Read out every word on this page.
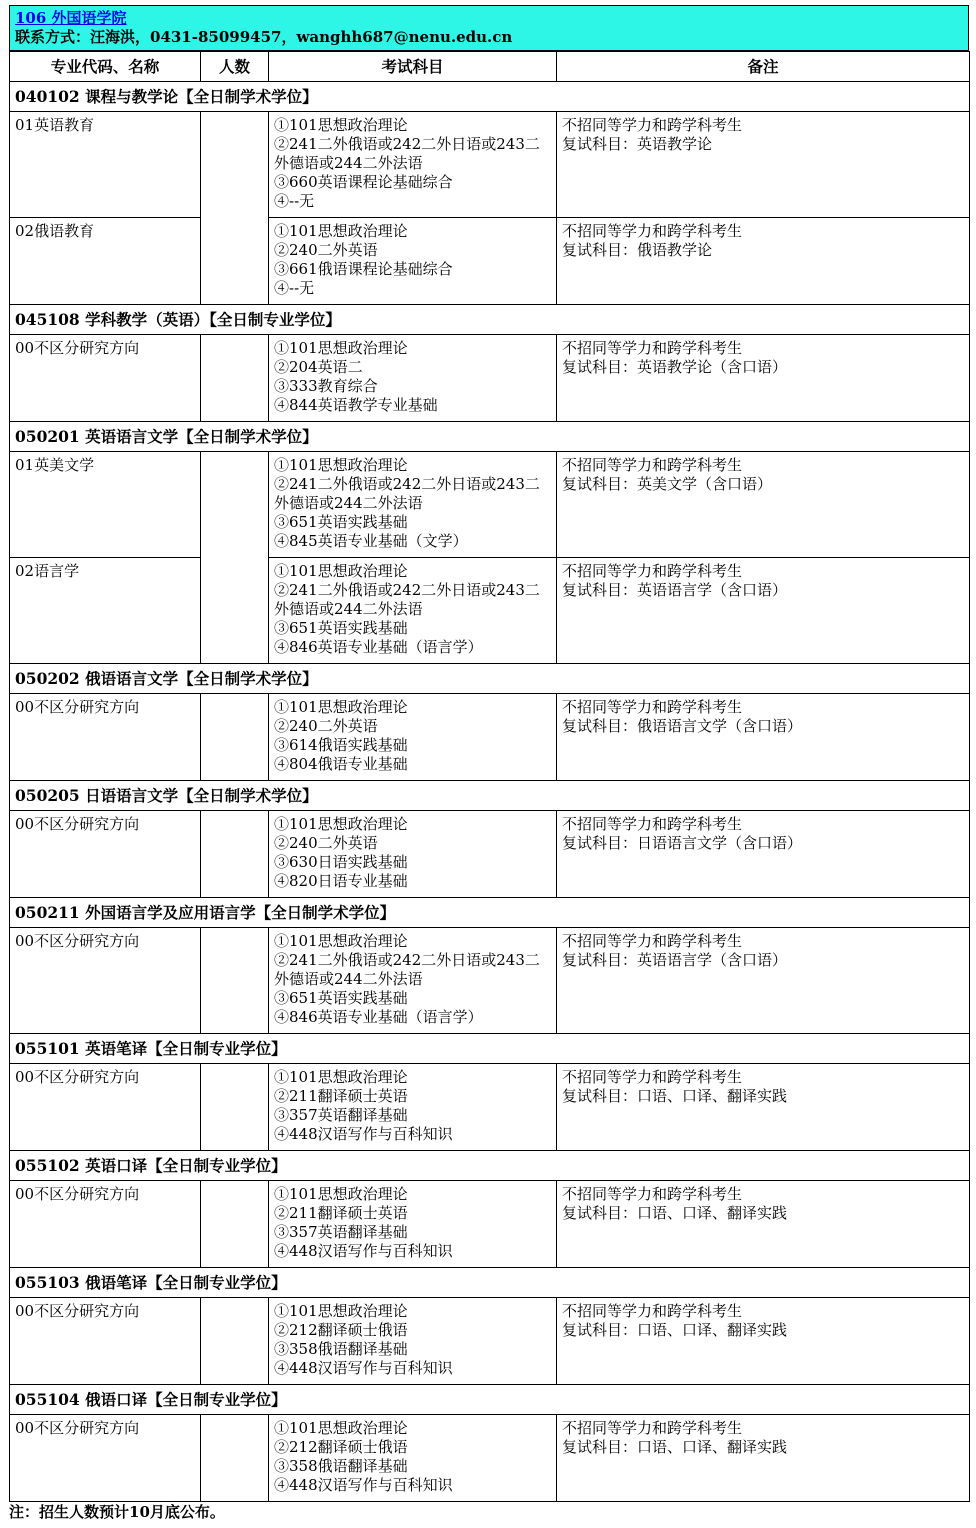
106 外国语学院
联系方式：汪海洪，0431-85099457，wanghh687@nenu.edu.cn
专业代码、名称	人数	考试科目	备注
040102 课程与教学论【全日制学术学位】			
01英语教育		①101思想政治理论
②241二外俄语或242二外日语或243二外德语或244二外法语
③660英语课程论基础综合
④--无	不招同等学力和跨学科考生
复试科目：英语教学论

02俄语教育		①101思想政治理论
②240二外英语
③661俄语课程论基础综合
④--无	不招同等学力和跨学科考生
复试科目：俄语教学论

045108 学科教学（英语）【全日制专业学位】			
00不区分研究方向		①101思想政治理论
②204英语二
③333教育综合
④844英语教学专业基础	不招同等学力和跨学科考生
复试科目：英语教学论（含口语）

050201 英语语言文学【全日制学术学位】			
01英美文学		①101思想政治理论
②241二外俄语或242二外日语或243二外德语或244二外法语
③651英语实践基础
④845英语专业基础（文学）	不招同等学力和跨学科考生
复试科目：英美文学（含口语）

02语言学		①101思想政治理论
②241二外俄语或242二外日语或243二外德语或244二外法语
③651英语实践基础
④846英语专业基础（语言学）	不招同等学力和跨学科考生
复试科目：英语语言学（含口语）

050202 俄语语言文学【全日制学术学位】			
00不区分研究方向		①101思想政治理论
②240二外英语
③614俄语实践基础
④804俄语专业基础	不招同等学力和跨学科考生
复试科目：俄语语言文学（含口语）

050205 日语语言文学【全日制学术学位】			
00不区分研究方向		①101思想政治理论
②240二外英语
③630日语实践基础
④820日语专业基础	不招同等学力和跨学科考生
复试科目：日语语言文学（含口语）

050211 外国语言学及应用语言学【全日制学术学位】			
00不区分研究方向		①101思想政治理论
②241二外俄语或242二外日语或243二外德语或244二外法语
③651英语实践基础
④846英语专业基础（语言学）	不招同等学力和跨学科考生
复试科目：英语语言学（含口语）

055101 英语笔译【全日制专业学位】			
00不区分研究方向		①101思想政治理论
②211翻译硕士英语
③357英语翻译基础
④448汉语写作与百科知识	不招同等学力和跨学科考生
复试科目：口语、口译、翻译实践

055102 英语口译【全日制专业学位】			
00不区分研究方向		①101思想政治理论
②211翻译硕士英语
③357英语翻译基础
④448汉语写作与百科知识	不招同等学力和跨学科考生
复试科目：口语、口译、翻译实践

055103 俄语笔译【全日制专业学位】			
00不区分研究方向		①101思想政治理论
②212翻译硕士俄语
③358俄语翻译基础
④448汉语写作与百科知识	不招同等学力和跨学科考生
复试科目：口语、口译、翻译实践

055104 俄语口译【全日制专业学位】			
00不区分研究方向		①101思想政治理论
②212翻译硕士俄语
③358俄语翻译基础
④448汉语写作与百科知识	不招同等学力和跨学科考生
复试科目：口语、口译、翻译实践
注：招生人数预计10月底公布。
